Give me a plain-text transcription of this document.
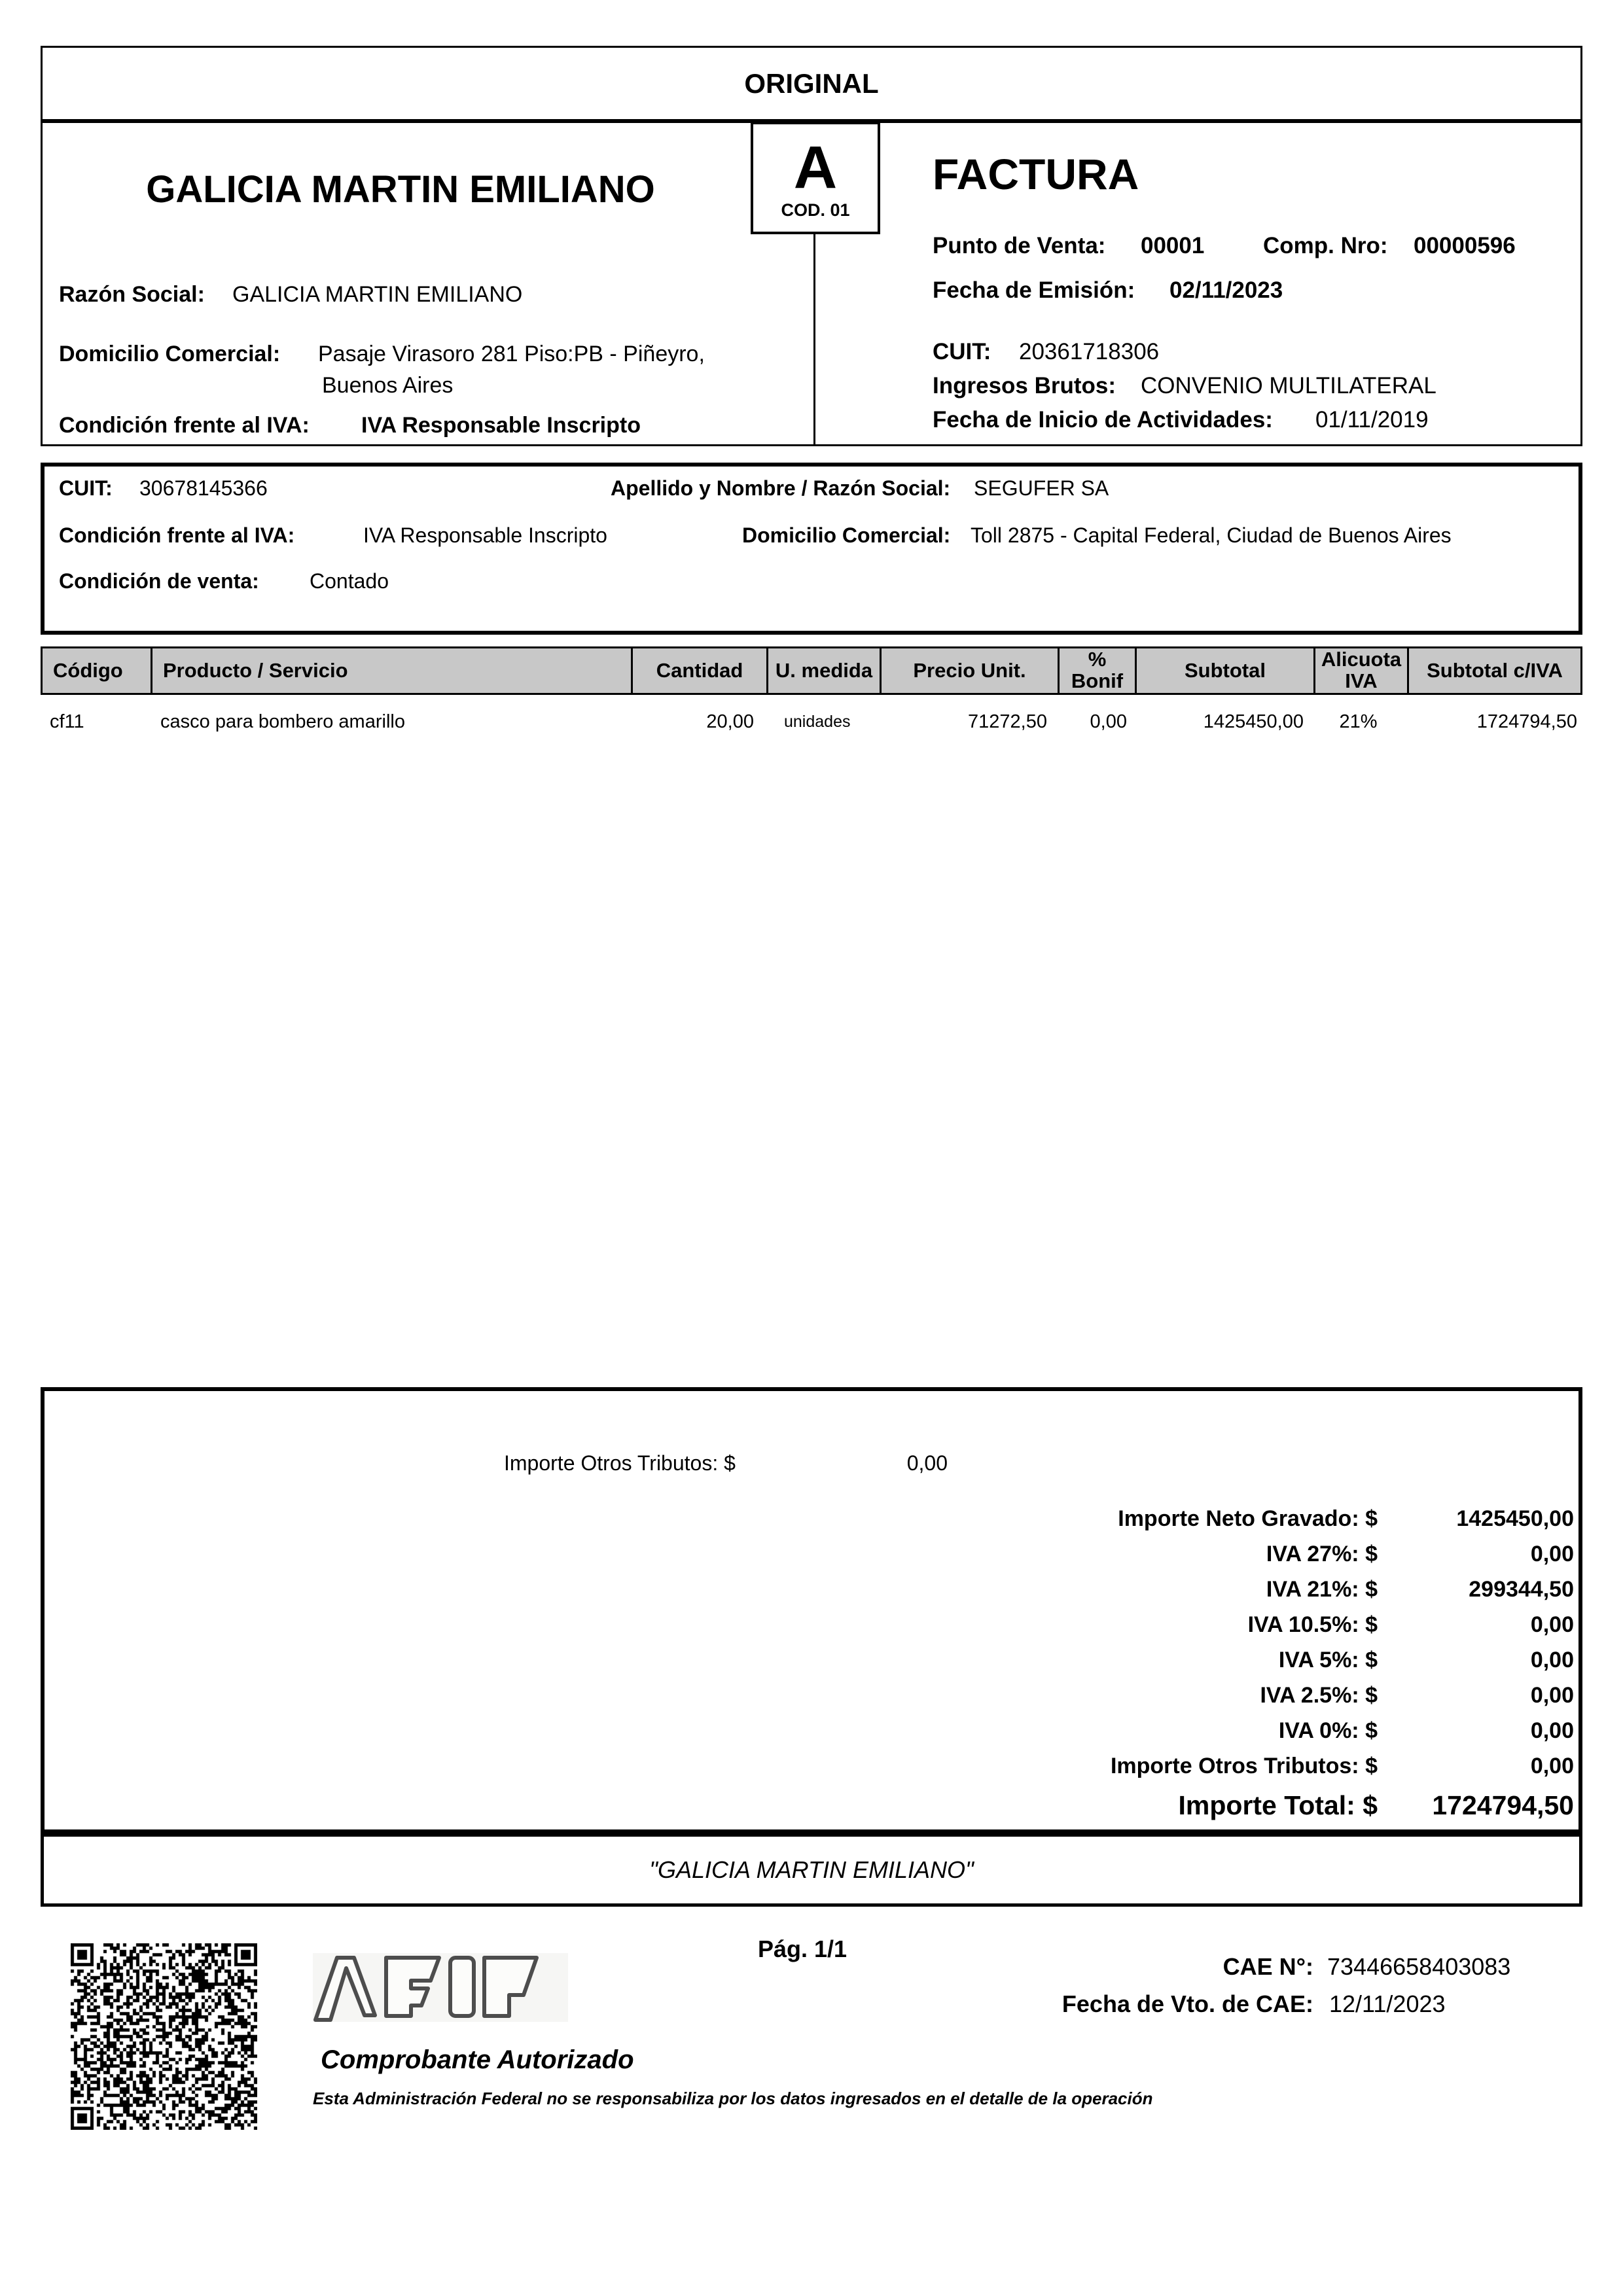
ORIGINAL
A
COD. 01
GALICIA MARTIN EMILIANO
Razón Social: GALICIA MARTIN EMILIANO
Domicilio Comercial: Pasaje Virasoro 281 Piso:PB - Piñeyro,
Buenos Aires
Condición frente al IVA: IVA Responsable Inscripto
FACTURA
Punto de Venta: 00001	Comp. Nro: 00000596
Fecha de Emisión: 02/11/2023
CUIT: 20361718306
Ingresos Brutos: CONVENIO MULTILATERAL
Fecha de Inicio de Actividades: 01/11/2019
CUIT: 30678145366	Apellido y Nombre / Razón Social: SEGUFER SA
Condición frente al IVA:	IVA Responsable Inscripto	Domicilio Comercial: Toll 2875 - Capital Federal, Ciudad de Buenos Aires
Condición de venta: Contado
Código	Producto / Servicio	Cantidad	U. medida	Precio Unit.	% Bonif	Subtotal	Alicuota IVA	Subtotal c/IVA
cf11	casco para bombero amarillo	20,00	unidades	71272,50	0,00	1425450,00	21%	1724794,50
Importe Otros Tributos: $	0,00
Importe Neto Gravado: $	1425450,00
IVA 27%: $	0,00
IVA 21%: $	299344,50
IVA 10.5%: $	0,00
IVA 5%: $	0,00
IVA 2.5%: $	0,00
IVA 0%: $	0,00
Importe Otros Tributos: $	0,00
Importe Total: $	1724794,50
"GALICIA MARTIN EMILIANO"
Pág. 1/1
Comprobante Autorizado
Esta Administración Federal no se responsabiliza por los datos ingresados en el detalle de la operación
CAE N°: 73446658403083
Fecha de Vto. de CAE: 12/11/2023
